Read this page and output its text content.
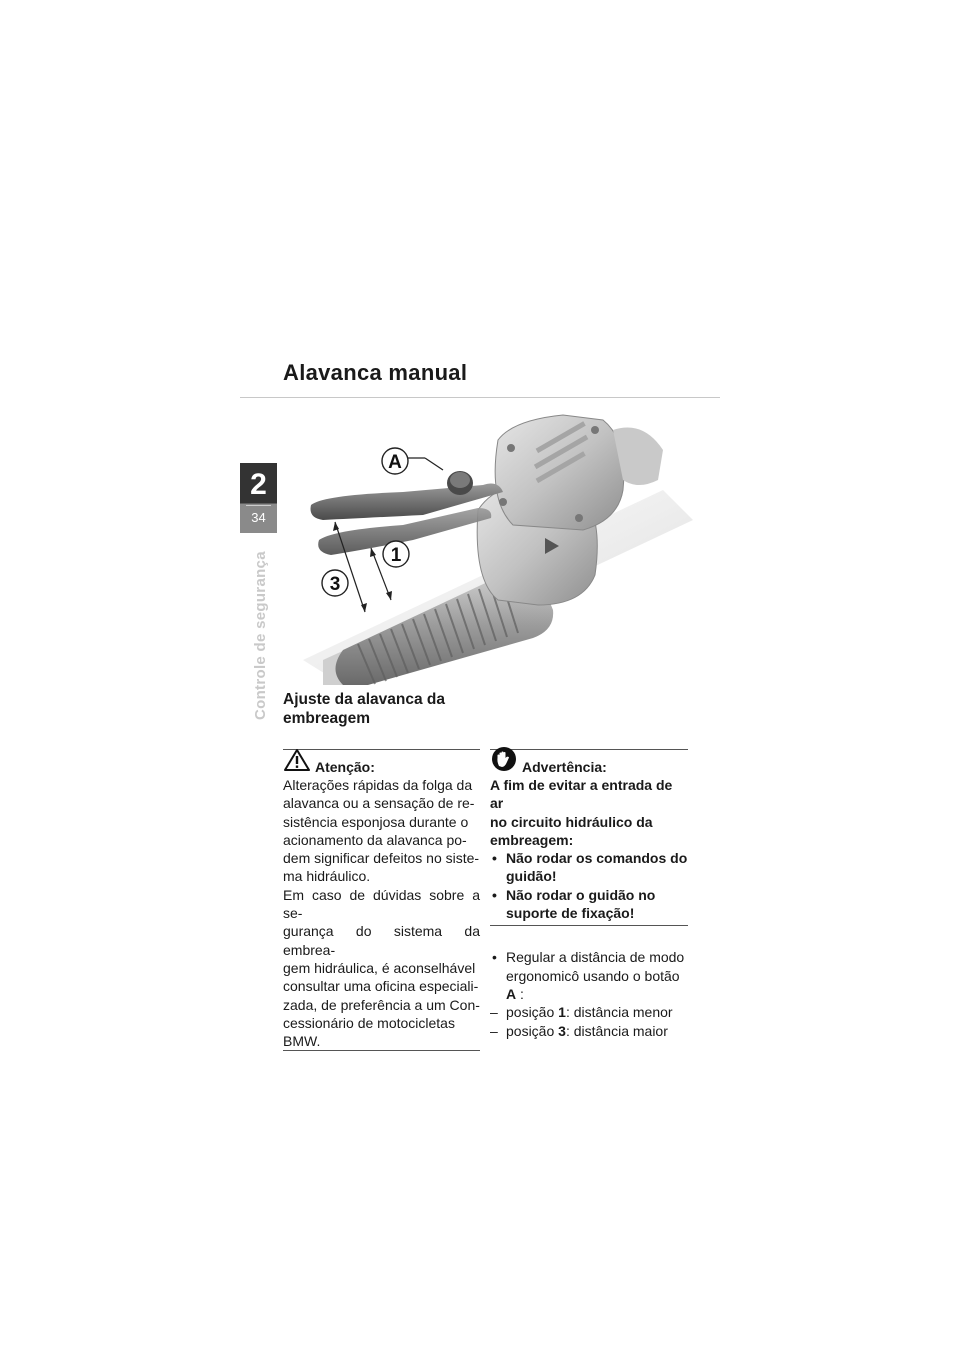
Alavanca manual
2
34
Controle de segurança
A
1
3
Ajuste da alavanca da embreagem
Atenção:
Alterações rápidas da folga da
alavanca ou a sensação de re-
sistência esponjosa durante o
acionamento da alavanca po-
dem significar defeitos no siste-
ma hidráulico.
Em caso de dúvidas sobre a se-
gurança do sistema da embrea-
gem hidráulica, é aconselhável
consultar uma oficina especiali-
zada, de preferência a um Con-
cessionário de motocicletas
BMW.
Advertência:
A fim de evitar a entrada de ar
no circuito hidráulico da
embreagem:
• Não rodar os comandos do guidão!
• Não rodar o guidão no suporte de fixação!
• Regular a distância de modo ergonomicô usando o botão A :
– posição 1: distância menor
– posição 3: distância maior
